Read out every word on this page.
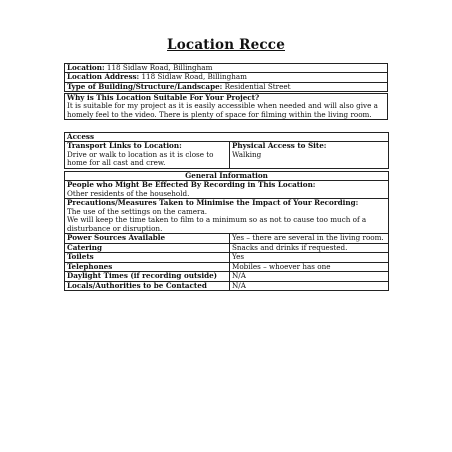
Location Recce
Location: 118 Sidlaw Road, Billingham
Location Address: 118 Sidlaw Road, Billingham
Type of Building/Structure/Landscape: Residential Street
Why is This Location Suitable For Your Project?
It is suitable for my project as it is easily accessible when needed and will also give a homely feel to the video. There is plenty of space for filming within the living room.
Access

Transport Links to Location:
Drive or walk to location as it is close to home for all cast and crew.

Physical Access to Site:
Walking
General Information	

People who Might Be Effected By Recording in This Location:
Other residents of the household.	

Precautions/Measures Taken to Minimise the Impact of Your Recording:
The use of the settings on the camera.
We will keep the time taken to film to a minimum so as not to cause too much of a disturbance or disruption.	

Power Sources Available	Yes – there are several in the living room.
Catering	Snacks and drinks if requested.
Toilets	Yes
Telephones	Mobiles – whoever has one
Daylight Times (if recording outside)	N/A
Locals/Authorities to be Contacted	N/A
